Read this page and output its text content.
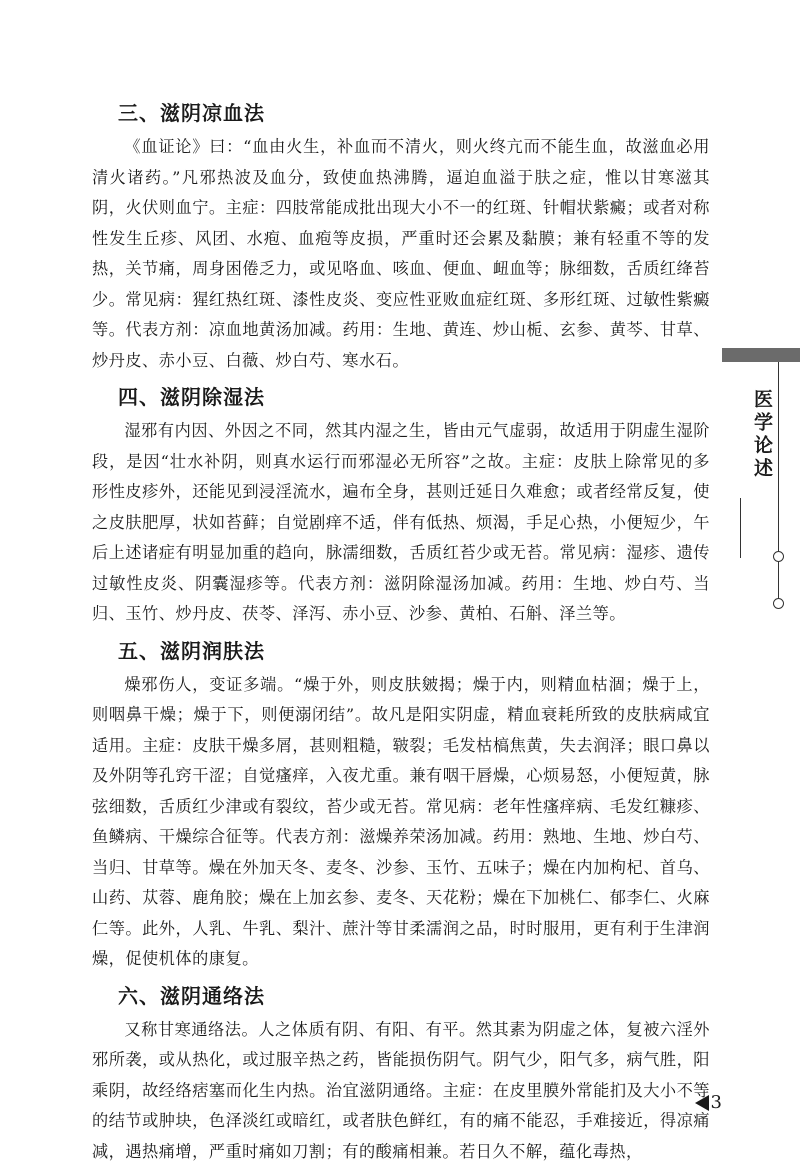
三、滋阴凉血法

《血证论》曰：“血由火生，补血而不清火，则火终亢而不能生血，故滋血必用清火诸药。”凡邪热波及血分，致使血热沸腾，逼迫血溢于肤之症，惟以甘寒滋其阴，火伏则血宁。主症：四肢常能成批出现大小不一的红斑、针帽状紫癜；或者对称性发生丘疹、风团、水疱、血疱等皮损，严重时还会累及黏膜；兼有轻重不等的发热，关节痛，周身困倦乏力，或见咯血、咳血、便血、衄血等；脉细数，舌质红绛苔少。常见病：猩红热红斑、漆性皮炎、变应性亚败血症红斑、多形红斑、过敏性紫癜等。代表方剂：凉血地黄汤加减。药用：生地、黄连、炒山栀、玄参、黄芩、甘草、炒丹皮、赤小豆、白薇、炒白芍、寒水石。

四、滋阴除湿法

湿邪有内因、外因之不同，然其内湿之生，皆由元气虚弱，故适用于阴虚生湿阶段，是因“壮水补阴，则真水运行而邪湿必无所容”之故。主症：皮肤上除常见的多形性皮疹外，还能见到浸淫流水，遍布全身，甚则迁延日久难愈；或者经常反复，使之皮肤肥厚，状如苔藓；自觉剧痒不适，伴有低热、烦渴，手足心热，小便短少，午后上述诸症有明显加重的趋向，脉濡细数，舌质红苔少或无苔。常见病：湿疹、遗传过敏性皮炎、阴囊湿疹等。代表方剂：滋阴除湿汤加减。药用：生地、炒白芍、当归、玉竹、炒丹皮、茯苓、泽泻、赤小豆、沙参、黄柏、石斛、泽兰等。

五、滋阴润肤法

燥邪伤人，变证多端。“燥于外，则皮肤皴揭；燥于内，则精血枯涸；燥于上，则咽鼻干燥；燥于下，则便溺闭结”。故凡是阳实阴虚，精血衰耗所致的皮肤病咸宜适用。主症：皮肤干燥多屑，甚则粗糙，皲裂；毛发枯槁焦黄，失去润泽；眼口鼻以及外阴等孔窍干涩；自觉瘙痒，入夜尤重。兼有咽干唇燥，心烦易怒，小便短黄，脉弦细数，舌质红少津或有裂纹，苔少或无苔。常见病：老年性瘙痒病、毛发红糠疹、鱼鳞病、干燥综合征等。代表方剂：滋燥养荣汤加减。药用：熟地、生地、炒白芍、当归、甘草等。燥在外加天冬、麦冬、沙参、玉竹、五味子；燥在内加枸杞、首乌、山药、苁蓉、鹿角胶；燥在上加玄参、麦冬、天花粉；燥在下加桃仁、郁李仁、火麻仁等。此外，人乳、牛乳、梨汁、蔗汁等甘柔濡润之品，时时服用，更有利于生津润燥，促使机体的康复。

六、滋阴通络法

又称甘寒通络法。人之体质有阴、有阳、有平。然其素为阴虚之体，复被六淫外邪所袭，或从热化，或过服辛热之药，皆能损伤阴气。阴气少，阳气多，病气胜，阳乘阴，故经络痞塞而化生内热。治宜滋阴通络。主症：在皮里膜外常能扪及大小不等的结节或肿块，色泽淡红或暗红，或者肤色鲜红，有的痛不能忍，手难接近，得凉痛减，遇热痛增，严重时痛如刀割；有的酸痛相兼。若日久不解，蕴化毒热，

医学论述
3
